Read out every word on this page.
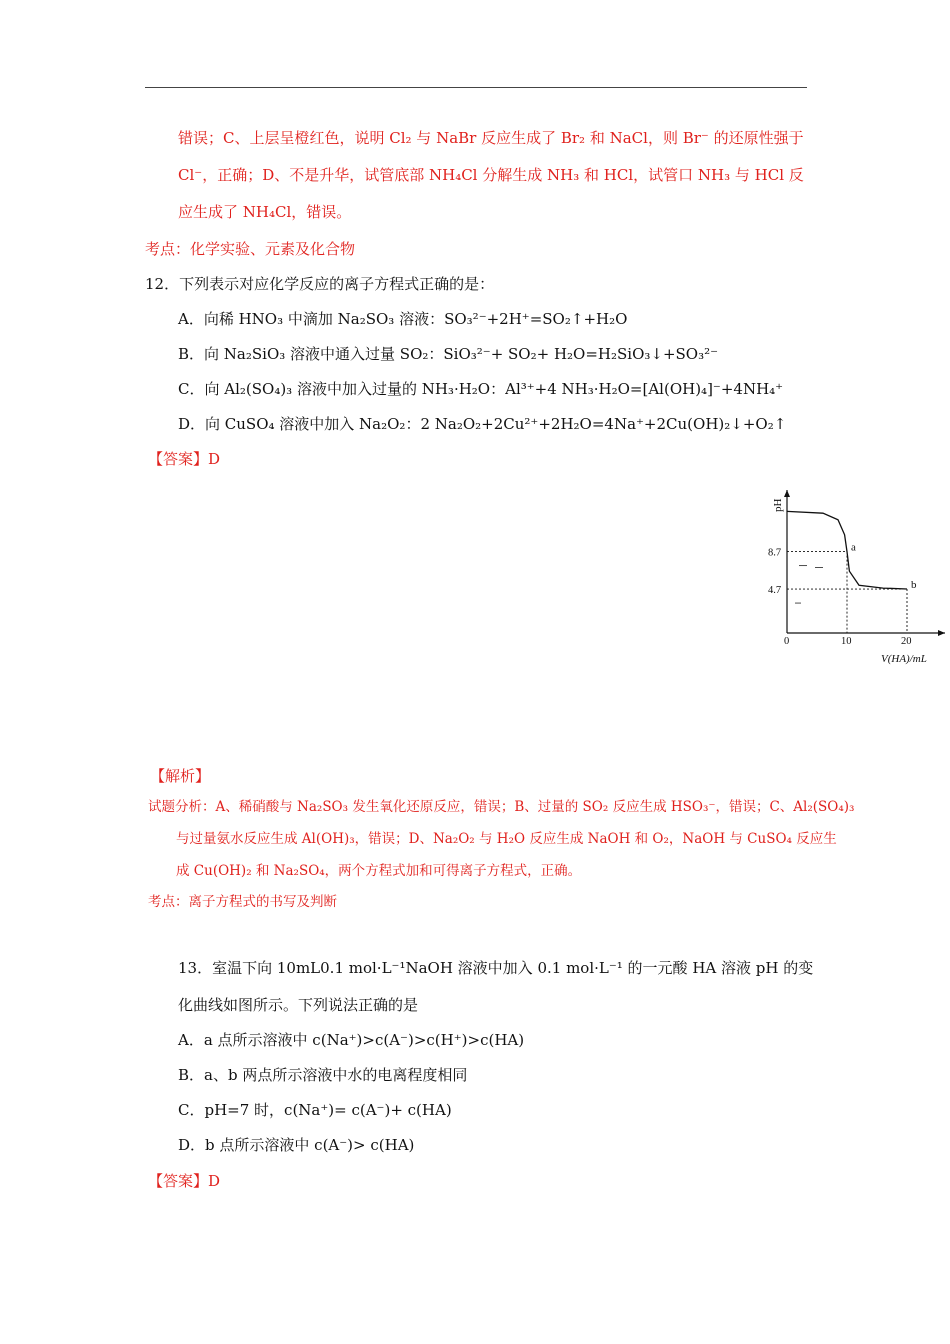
错误；C、上层呈橙红色，说明 Cl₂ 与 NaBr 反应生成了 Br₂ 和 NaCl，则 Br⁻ 的还原性强于
Cl⁻，正确；D、不是升华，试管底部 NH₄Cl 分解生成 NH₃ 和 HCl，试管口 NH₃ 与 HCl 反
应生成了 NH₄Cl，错误。
考点：化学实验、元素及化合物
12．下列表示对应化学反应的离子方程式正确的是：
A．向稀 HNO₃ 中滴加 Na₂SO₃ 溶液：SO₃²⁻+2H⁺=SO₂↑+H₂O
B．向 Na₂SiO₃ 溶液中通入过量 SO₂：SiO₃²⁻+ SO₂+ H₂O=H₂SiO₃↓+SO₃²⁻
C．向 Al₂(SO₄)₃ 溶液中加入过量的 NH₃·H₂O：Al³⁺+4 NH₃·H₂O=[Al(OH)₄]⁻+4NH₄⁺
D．向 CuSO₄ 溶液中加入 Na₂O₂：2 Na₂O₂+2Cu²⁺+2H₂O=4Na⁺+2Cu(OH)₂↓+O₂↑
【答案】D
pH
V(HA)/mL
a
b
8.7
4.7
0	10	20
【解析】
试题分析：A、稀硝酸与 Na₂SO₃ 发生氧化还原反应，错误；B、过量的 SO₂ 反应生成 HSO₃⁻，错误；C、Al₂(SO₄)₃
与过量氨水反应生成 Al(OH)₃，错误；D、Na₂O₂ 与 H₂O 反应生成 NaOH 和 O₂，NaOH 与 CuSO₄ 反应生
成 Cu(OH)₂ 和 Na₂SO₄，两个方程式加和可得离子方程式，正确。
考点：离子方程式的书写及判断
13．室温下向 10mL0.1 mol·L⁻¹NaOH 溶液中加入 0.1 mol·L⁻¹ 的一元酸 HA 溶液 pH 的变
化曲线如图所示。下列说法正确的是
A．a 点所示溶液中 c(Na⁺)>c(A⁻)>c(H⁺)>c(HA)
B．a、b 两点所示溶液中水的电离程度相同
C．pH=7 时，c(Na⁺)= c(A⁻)+ c(HA)
D．b 点所示溶液中 c(A⁻)> c(HA)
【答案】D
